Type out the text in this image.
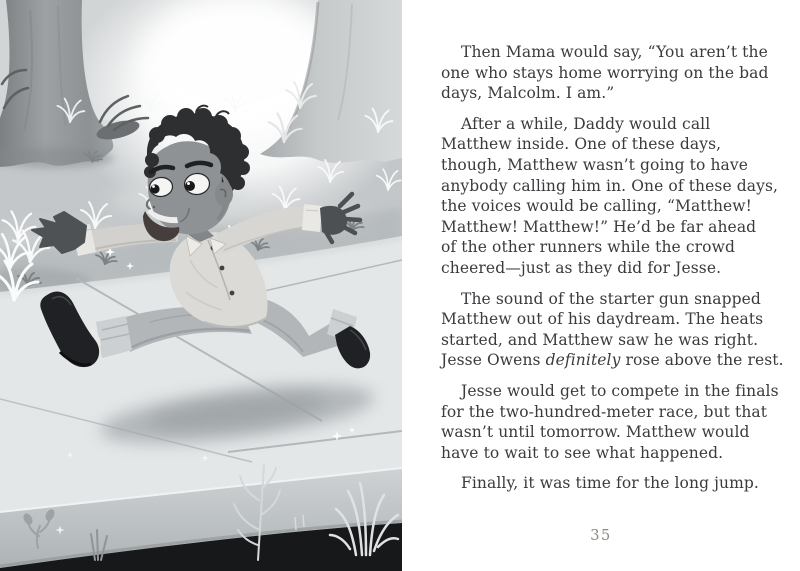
Then Mama would say, “You aren’t the
one who stays home worrying on the bad
days, Malcolm. I am.”

After a while, Daddy would call
Matthew inside. One of these days,
though, Matthew wasn’t going to have
anybody calling him in. One of these days,
the voices would be calling, “Matthew!
Matthew! Matthew!” He’d be far ahead
of the other runners while the crowd
cheered—just as they did for Jesse.

The sound of the starter gun snapped
Matthew out of his daydream. The heats
started, and Matthew saw he was right.
Jesse Owens definitely rose above the rest.

Jesse would get to compete in the finals
for the two-hundred-meter race, but that
wasn’t until tomorrow. Matthew would
have to wait to see what happened.

Finally, it was time for the long jump.

35
